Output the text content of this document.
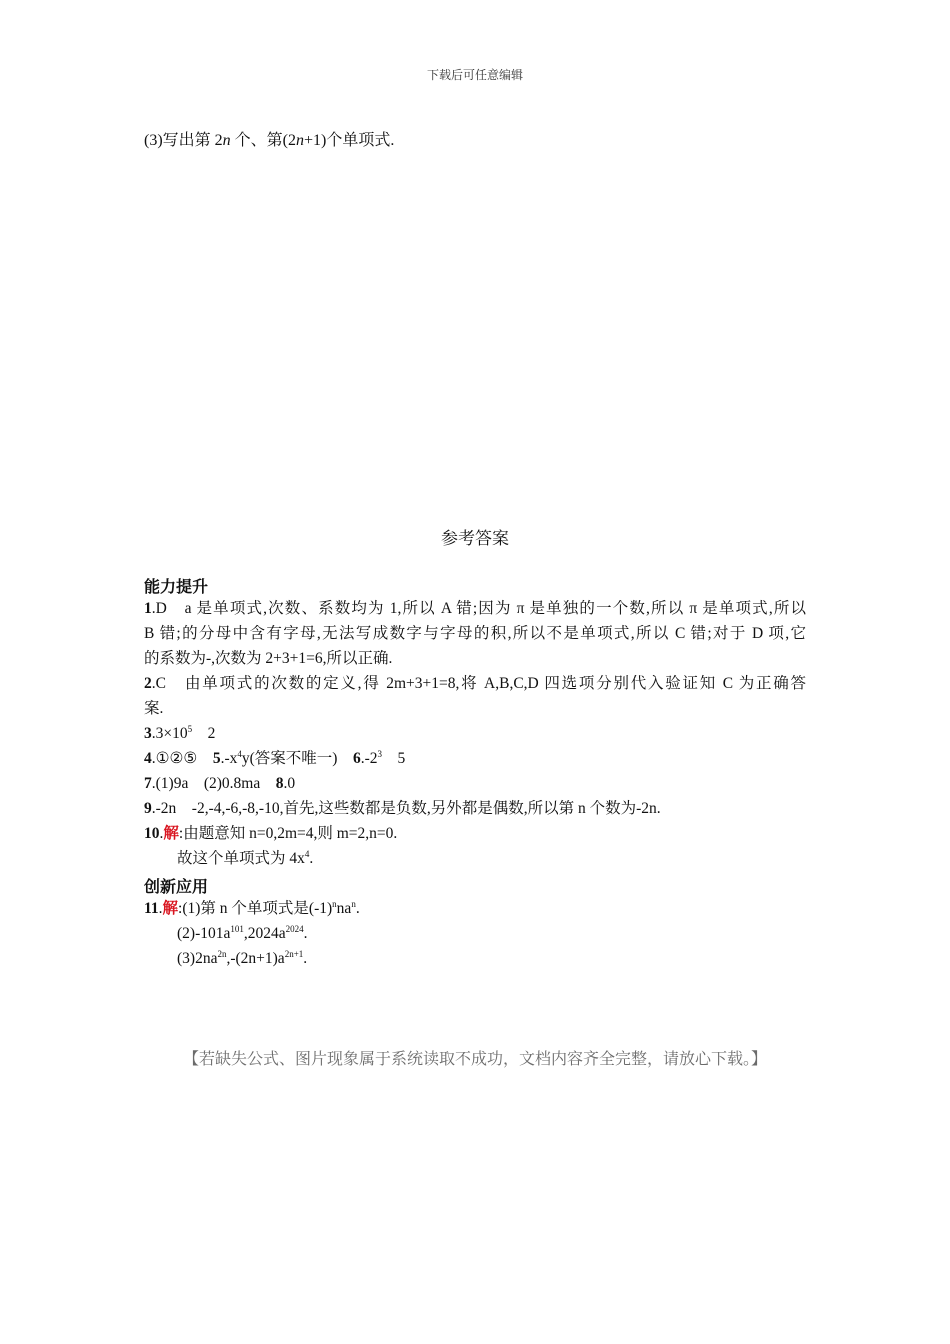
下载后可任意编辑
(3)写出第 2n 个、第(2n+1)个单项式.
参考答案
能力提升
1.D　a 是单项式,次数、系数均为 1,所以 A 错;因为 π 是单独的一个数,所以 π 是单项式,所以
B 错;的分母中含有字母,无法写成数字与字母的积,所以不是单项式,所以 C 错;对于 D 项,它
的系数为-,次数为 2+3+1=6,所以正确.
2.C　由单项式的次数的定义,得 2m+3+1=8,将 A,B,C,D 四选项分别代入验证知 C 为正确答
案.
$3.3\times 10^5$　2
4.①②⑤　$5.-x^4y$(答案不唯一)　$6.-2^3$　5
7.(1)9a　(2)0.8ma　8.0
9.-2n　-2,-4,-6,-8,-10,首先,这些数都是负数,另外都是偶数,所以第 n 个数为-2n.
10.解:由题意知 n=0,2m=4,则 m=2,n=0.
故这个单项式为 $4x^4$.
创新应用
11.解:(1)第 n 个单项式是$(-1)^nna^n$.
$(2)-101a^{101},2024a^{2024}$.
$(3)2na^{2n},-(2n+1)a^{2n+1}$.
【若缺失公式、图片现象属于系统读取不成功，文档内容齐全完整，请放心下载。】
